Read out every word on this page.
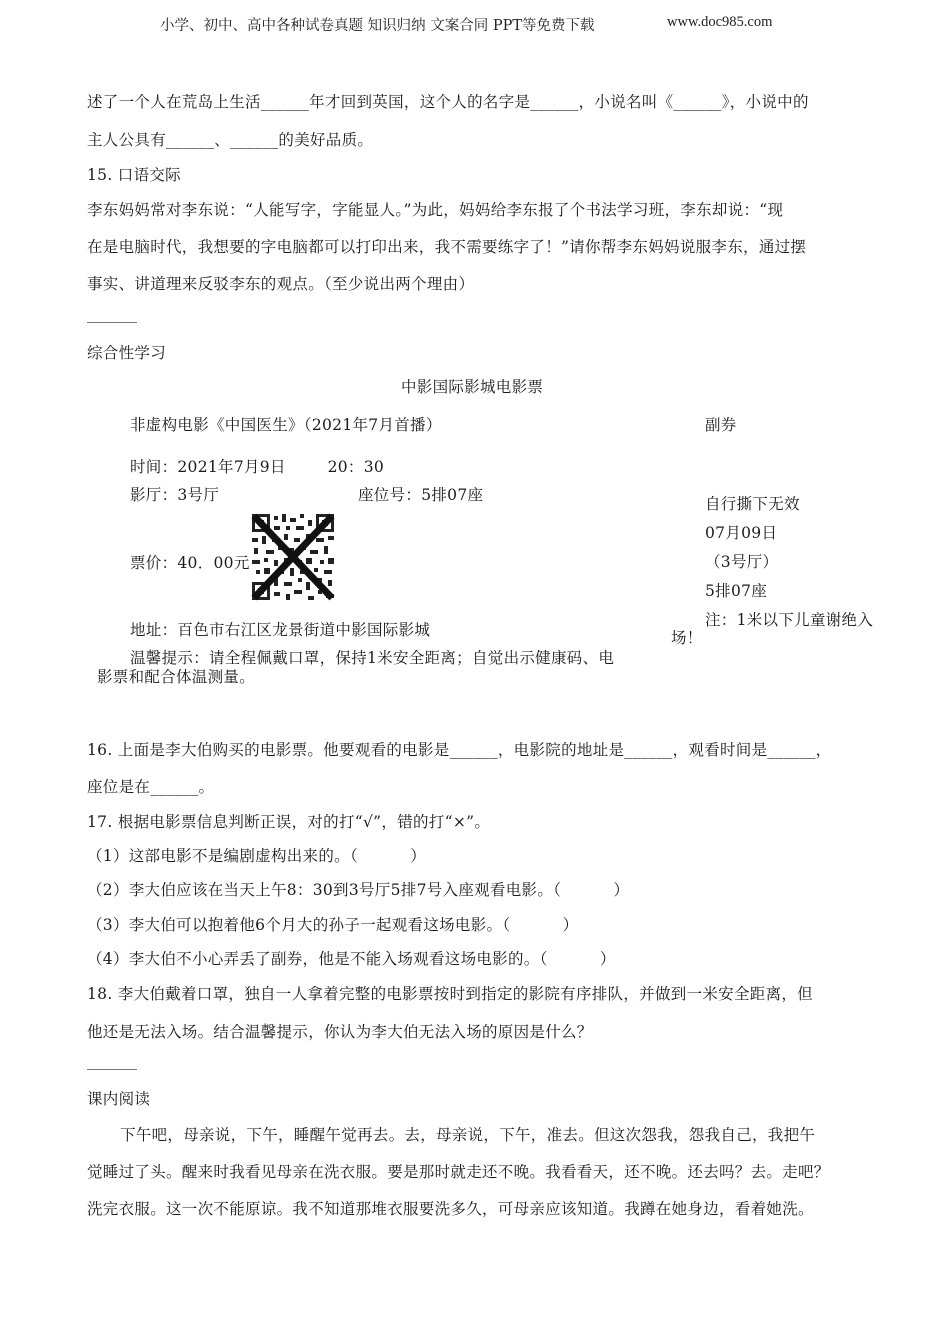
小学、初中、高中各种试卷真题 知识归纳 文案合同 PPT等免费下载	www.doc985.com
述了一个人在荒岛上生活______年才回到英国，这个人的名字是______，小说名叫《______》，小说中的
主人公具有______、______的美好品质。
15. 口语交际
李东妈妈常对李东说：“人能写字，字能显人。”为此，妈妈给李东报了个书法学习班，李东却说：“现
在是电脑时代，我想要的字电脑都可以打印出来，我不需要练字了！”请你帮李东妈妈说服李东，通过摆
事实、讲道理来反驳李东的观点。（至少说出两个理由）
综合性学习
中影国际影城电影票
非虚构电影《中国医生》（2021年7月首播）	副券
时间：2021年7月9日        20：30
影厅：3号厅	座位号：5排07座	自行撕下无效
07月09日
（3号厅）
票价：40．00元
5排07座
注：1米以下儿童谢绝入
地址：百色市右江区龙景街道中影国际影城	场！
温馨提示：请全程佩戴口罩，保持1米安全距离；自觉出示健康码、电
影票和配合体温测量。
16. 上面是李大伯购买的电影票。他要观看的电影是______，电影院的地址是______，观看时间是______，
座位是在______。
17. 根据电影票信息判断正误，对的打“√”，错的打“×”。
（1）这部电影不是编剧虚构出来的。（          ）
（2）李大伯应该在当天上午8：30到3号厅5排7号入座观看电影。（          ）
（3）李大伯可以抱着他6个月大的孙子一起观看这场电影。（          ）
（4）李大伯不小心弄丢了副券，他是不能入场观看这场电影的。（          ）
18. 李大伯戴着口罩，独自一人拿着完整的电影票按时到指定的影院有序排队，并做到一米安全距离，但
他还是无法入场。结合温馨提示，你认为李大伯无法入场的原因是什么？
课内阅读
下午吧，母亲说，下午，睡醒午觉再去。去，母亲说，下午，准去。但这次怨我，怨我自己，我把午
觉睡过了头。醒来时我看见母亲在洗衣服。要是那时就走还不晚。我看看天，还不晚。还去吗？去。走吧？
洗完衣服。这一次不能原谅。我不知道那堆衣服要洗多久，可母亲应该知道。我蹲在她身边，看着她洗。
